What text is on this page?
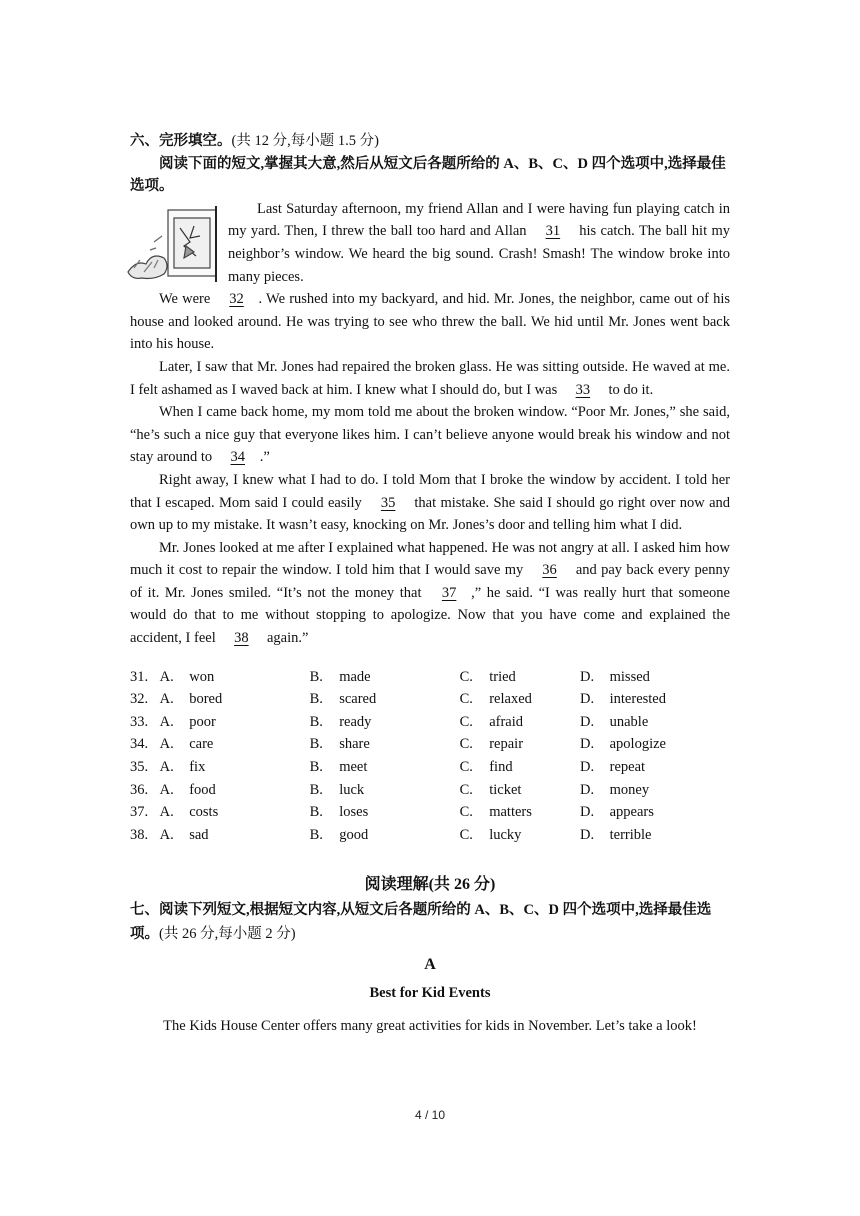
六、完形填空。(共 12 分,每小题 1.5 分)

阅读下面的短文,掌握其大意,然后从短文后各题所给的 A、B、C、D 四个选项中,选择最佳选项。

Last Saturday afternoon, my friend Allan and I were having fun playing catch in my yard. Then, I threw the ball too hard and Allan 31 his catch. The ball hit my neighbor’s window. We heard the big sound. Crash! Smash! The window broke into many pieces.

We were 32 . We rushed into my backyard, and hid. Mr. Jones, the neighbor, came out of his house and looked around. He was trying to see who threw the ball. We hid until Mr. Jones went back into his house.

Later, I saw that Mr. Jones had repaired the broken glass. He was sitting outside. He waved at me. I felt ashamed as I waved back at him. I knew what I should do, but I was 33 to do it.

When I came back home, my mom told me about the broken window. “Poor Mr. Jones,” she said, “he’s such a nice guy that everyone likes him. I can’t believe anyone would break his window and not stay around to 34 .”

Right away, I knew what I had to do. I told Mom that I broke the window by accident. I told her that I escaped. Mom said I could easily 35 that mistake. She said I should go right over now and own up to my mistake. It wasn’t easy, knocking on Mr. Jones’s door and telling him what I did.

Mr. Jones looked at me after I explained what happened. He was not angry at all. I asked him how much it cost to repair the window. I told him that I would save my 36 and pay back every penny of it. Mr. Jones smiled. “It’s not the money that 37 ,” he said. “I was really hurt that someone would do that to me without stopping to apologize. Now that you have come and explained the accident, I feel 38 again.”

31. A.	won	B.	made	C.	tried	D.	missed
32. A.	bored	B.	scared	C.	relaxed	D.	interested
33. A.	poor	B.	ready	C.	afraid	D.	unable
34. A.	care	B.	share	C.	repair	D.	apologize
35. A.	fix	B.	meet	C.	find	D.	repeat
36. A.	food	B.	luck	C.	ticket	D.	money
37. A.	costs	B.	loses	C.	matters	D.	appears
38. A.	sad	B.	good	C.	lucky	D.	terrible
阅读理解(共 26 分)

七、阅读下列短文,根据短文内容,从短文后各题所给的 A、B、C、D 四个选项中,选择最佳选项。(共 26 分,每小题 2 分)

A
Best for Kid Events
The Kids House Center offers many great activities for kids in November. Let’s take a look!
4 / 10
